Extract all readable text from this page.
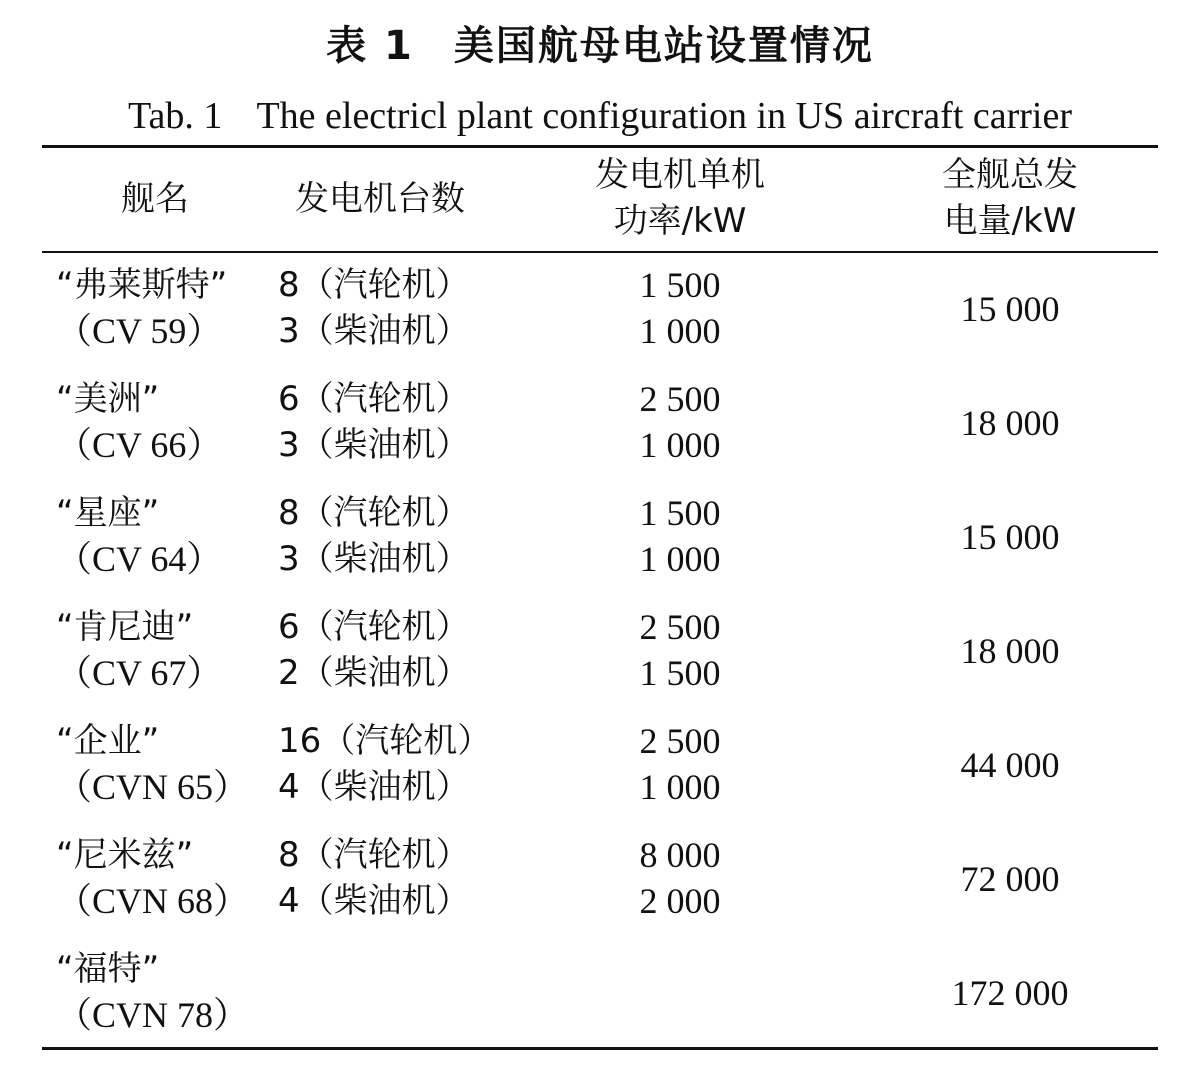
表 1 美国航母电站设置情况
Tab. 1 The electricl plant configuration in US aircraft carrier
舰名	发电机台数
发电机单机
功率/kW
全舰总发
电量/kW
“弗莱斯特”
（CV 59）
8（汽轮机）
3（柴油机）
1 500
1 000
15 000
“美洲”
（CV 66）
6（汽轮机）
3（柴油机）
2 500
1 000
18 000
“星座”
（CV 64）
8（汽轮机）
3（柴油机）
1 500
1 000
15 000
“肯尼迪”
（CV 67）
6（汽轮机）
2（柴油机）
2 500
1 500
18 000
“企业”
（CVN 65）
16（汽轮机）
4（柴油机）
2 500
1 000
44 000
“尼米兹”
（CVN 68）
8（汽轮机）
4（柴油机）
8 000
2 000
72 000
“福特”
（CVN 78）
172 000
